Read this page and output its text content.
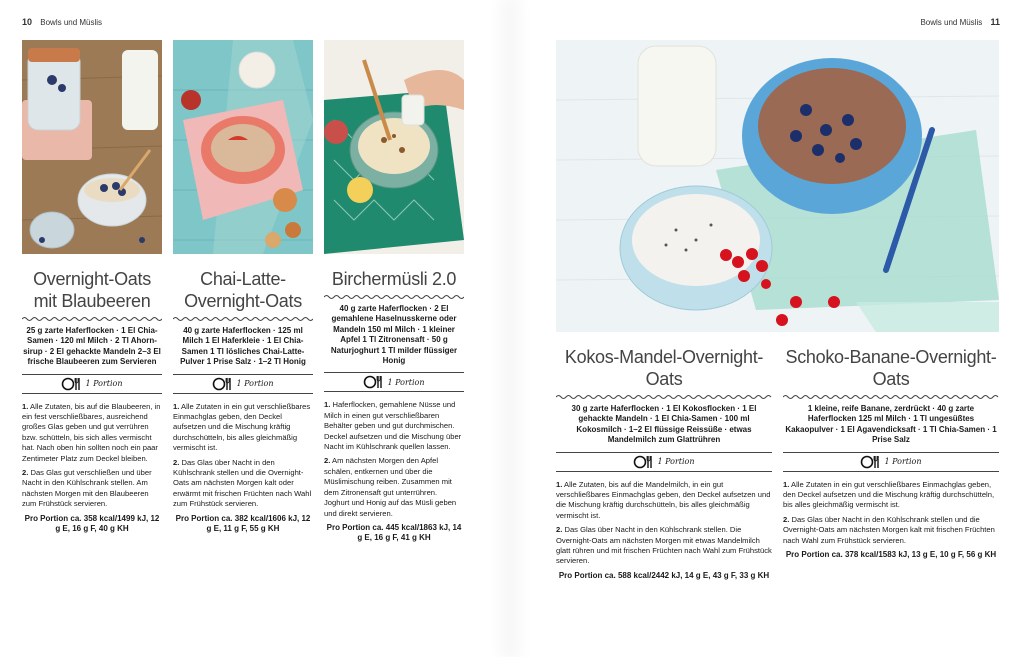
10 Bowls und Müslis	Bowls und Müslis 11
Overnight-Oats
mit Blaubeeren
25 g zarte Haferflocken · 1 El Chia-Samen · 120 ml Milch · 2 Tl Ahorn-sirup · 2 El gehackte Mandeln 2–3 El frische Blaubeeren zum Servieren
1 Portion

1. Alle Zutaten, bis auf die Blaubeeren, in ein fest verschließbares, ausreichend großes Glas geben und gut verrühren bzw. schütteln, bis sich alles vermischt hat. Nach oben hin sollten noch ein paar Zentimeter Platz zum Deckel bleiben.

2. Das Glas gut verschließen und über Nacht in den Kühlschrank stellen. Am nächsten Morgen mit den Blaubeeren zum Frühstück servieren.

Pro Portion ca. 358 kcal/1499 kJ, 12 g E, 16 g F, 40 g KH
Chai-Latte-Overnight-Oats
40 g zarte Haferflocken · 125 ml Milch 1 El Haferkleie · 1 El Chia-Samen 1 Tl lösliches Chai-Latte-Pulver 1 Prise Salz · 1–2 Tl Honig
1 Portion

1. Alle Zutaten in ein gut verschließbares Einmachglas geben, den Deckel aufsetzen und die Mischung kräftig durchschütteln, bis alles gleichmäßig vermischt ist.

2. Das Glas über Nacht in den Kühlschrank stellen und die Overnight-Oats am nächsten Morgen kalt oder erwärmt mit frischen Früchten nach Wahl zum Frühstück servieren.

Pro Portion ca. 382 kcal/1606 kJ, 12 g E, 11 g F, 55 g KH
Birchermüsli 2.0
40 g zarte Haferflocken · 2 El gemahlene Haselnusskerne oder Mandeln 150 ml Milch · 1 kleiner Apfel 1 Tl Zitronensaft · 50 g Naturjoghurt 1 Tl milder flüssiger Honig
1 Portion

1. Haferflocken, gemahlene Nüsse und Milch in einen gut verschließbaren Behälter geben und gut durchmischen. Deckel aufsetzen und die Mischung über Nacht im Kühlschrank quellen lassen.

2. Am nächsten Morgen den Apfel schälen, entkernen und über die Müslimischung reiben. Zusammen mit dem Zitronensaft gut unterrühren. Joghurt und Honig auf das Müsli geben und direkt servieren.

Pro Portion ca. 445 kcal/1863 kJ, 14 g E, 16 g F, 41 g KH
Kokos-Mandel-Overnight-Oats
30 g zarte Haferflocken · 1 El Kokosflocken · 1 El gehackte Mandeln · 1 El Chia-Samen · 100 ml Kokosmilch · 1–2 El flüssige Reissüße · etwas Mandelmilch zum Glattrühren
1 Portion

1. Alle Zutaten, bis auf die Mandelmilch, in ein gut verschließbares Einmachglas geben, den Deckel aufsetzen und die Mischung kräftig durchschütteln, bis alles gleichmäßig vermischt ist.

2. Das Glas über Nacht in den Kühlschrank stellen. Die Overnight-Oats am nächsten Morgen mit etwas Mandelmilch glatt rühren und mit frischen Früchten nach Wahl zum Frühstück servieren.

Pro Portion ca. 588 kcal/2442 kJ, 14 g E, 43 g F, 33 g KH
Schoko-Banane-Overnight-Oats
1 kleine, reife Banane, zerdrückt · 40 g zarte Haferflocken 125 ml Milch · 1 Tl ungesüßtes Kakaopulver · 1 El Agavendicksaft · 1 Tl Chia-Samen · 1 Prise Salz
1 Portion

1. Alle Zutaten in ein gut verschließbares Einmachglas geben, den Deckel aufsetzen und die Mischung kräftig durchschütteln, bis alles gleichmäßig vermischt ist.

2. Das Glas über Nacht in den Kühlschrank stellen und die Overnight-Oats am nächsten Morgen kalt mit frischen Früchten nach Wahl zum Frühstück servieren.

Pro Portion ca. 378 kcal/1583 kJ, 13 g E, 10 g F, 56 g KH
